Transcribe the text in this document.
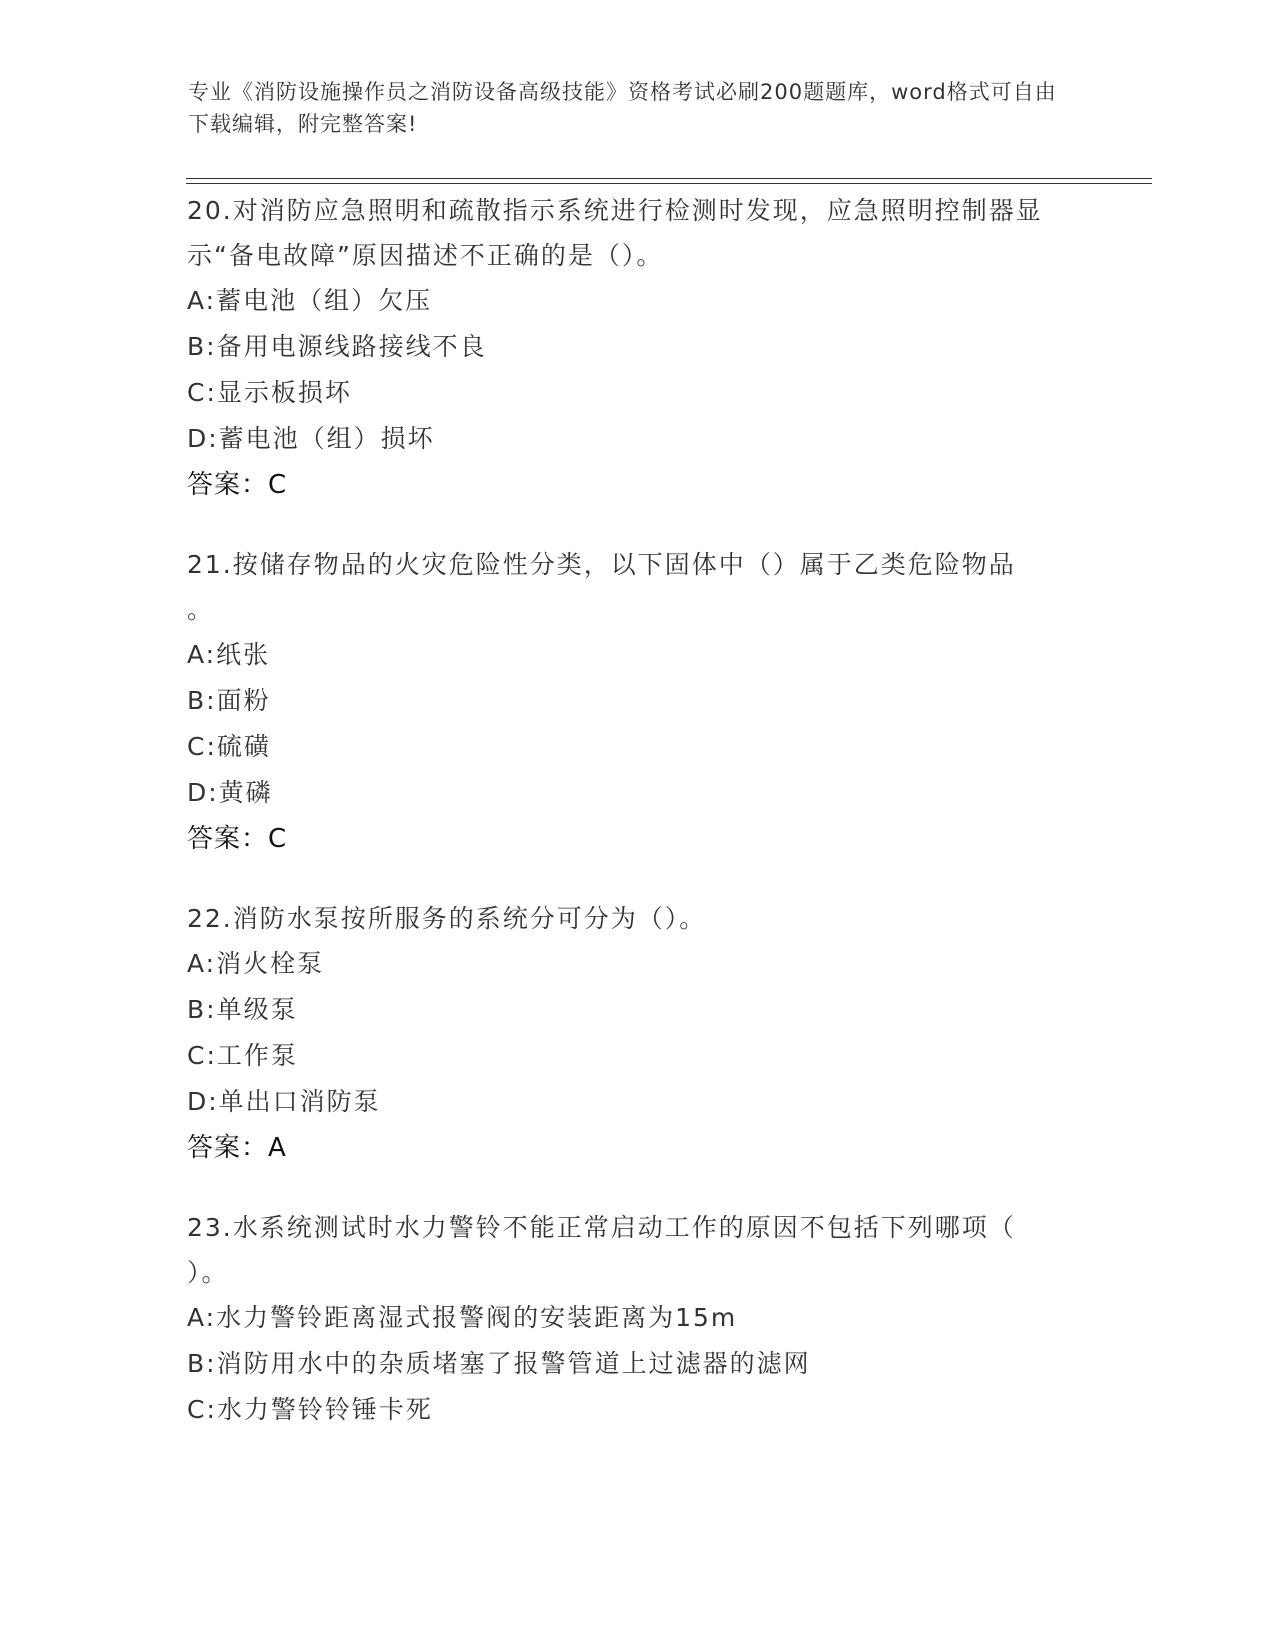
专业《消防设施操作员之消防设备高级技能》资格考试必刷200题题库，word格式可自由下载编辑，附完整答案!
20.对消防应急照明和疏散指示系统进行检测时发现，应急照明控制器显示“备电故障”原因描述不正确的是（）。
A:蓄电池（组）欠压
B:备用电源线路接线不良
C:显示板损坏
D:蓄电池（组）损坏
答案：C
21.按储存物品的火灾危险性分类，以下固体中（）属于乙类危险物品
。
A:纸张
B:面粉
C:硫磺
D:黄磷
答案：C
22.消防水泵按所服务的系统分可分为（）。
A:消火栓泵
B:单级泵
C:工作泵
D:单出口消防泵
答案：A
23.水系统测试时水力警铃不能正常启动工作的原因不包括下列哪项（
）。
A:水力警铃距离湿式报警阀的安装距离为15m
B:消防用水中的杂质堵塞了报警管道上过滤器的滤网
C:水力警铃铃锤卡死
